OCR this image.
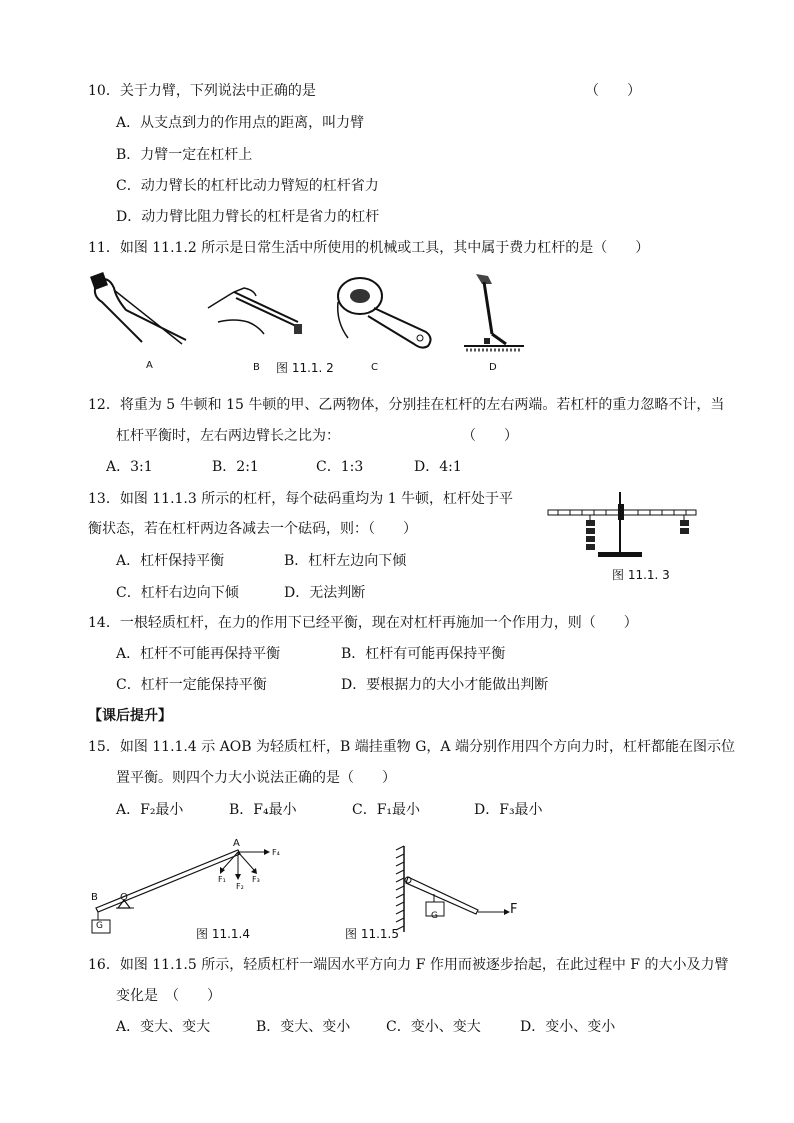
10．关于力臂，下列说法中正确的是	（　　）
A．从支点到力的作用点的距离，叫力臂
B．力臂一定在杠杆上
C．动力臂长的杠杆比动力臂短的杠杆省力
D．动力臂比阻力臂长的杠杆是省力的杠杆
11．如图 11.1.2 所示是日常生活中所使用的机械或工具，其中属于费力杠杆的是（　　）
A	B 图 11.1. 2	C	D
12．将重为 5 牛顿和 15 牛顿的甲、乙两物体，分别挂在杠杆的左右两端。若杠杆的重力忽略不计，当
杠杆平衡时，左右两边臂长之比为：	（　　）
A．3:1	B．2:1	C．1:3	D．4:1
13．如图 11.1.3 所示的杠杆，每个砝码重均为 1 牛顿，杠杆处于平
衡状态，若在杠杆两边各减去一个砝码，则：（　　）
A．杠杆保持平衡	B．杠杆左边向下倾
C．杠杆右边向下倾	D．无法判断
图 11.1. 3
14．一根轻质杠杆，在力的作用下已经平衡，现在对杠杆再施加一个作用力，则（　　）
A．杠杆不可能再保持平衡	B．杠杆有可能再保持平衡
C．杠杆一定能保持平衡	D．要根据力的大小才能做出判断
【课后提升】
15．如图 11.1.4 示 AOB 为轻质杠杆，B 端挂重物 G，A 端分别作用四个方向力时，杠杆都能在图示位
置平衡。则四个力大小说法正确的是（　　）
A．F₂最小	B．F₄最小	C．F₁最小	D．F₃最小
A
B O
G
F₁
F₂
F₃
F₄
图 11.1.4
G	F
图 11.1.5
16．如图 11.1.5 所示，轻质杠杆一端因水平方向力 F 作用而被逐步抬起，在此过程中 F 的大小及力臂
变化是　（　　）
A．变大、变大	B．变大、变小	C．变小、变大	D．变小、变小
